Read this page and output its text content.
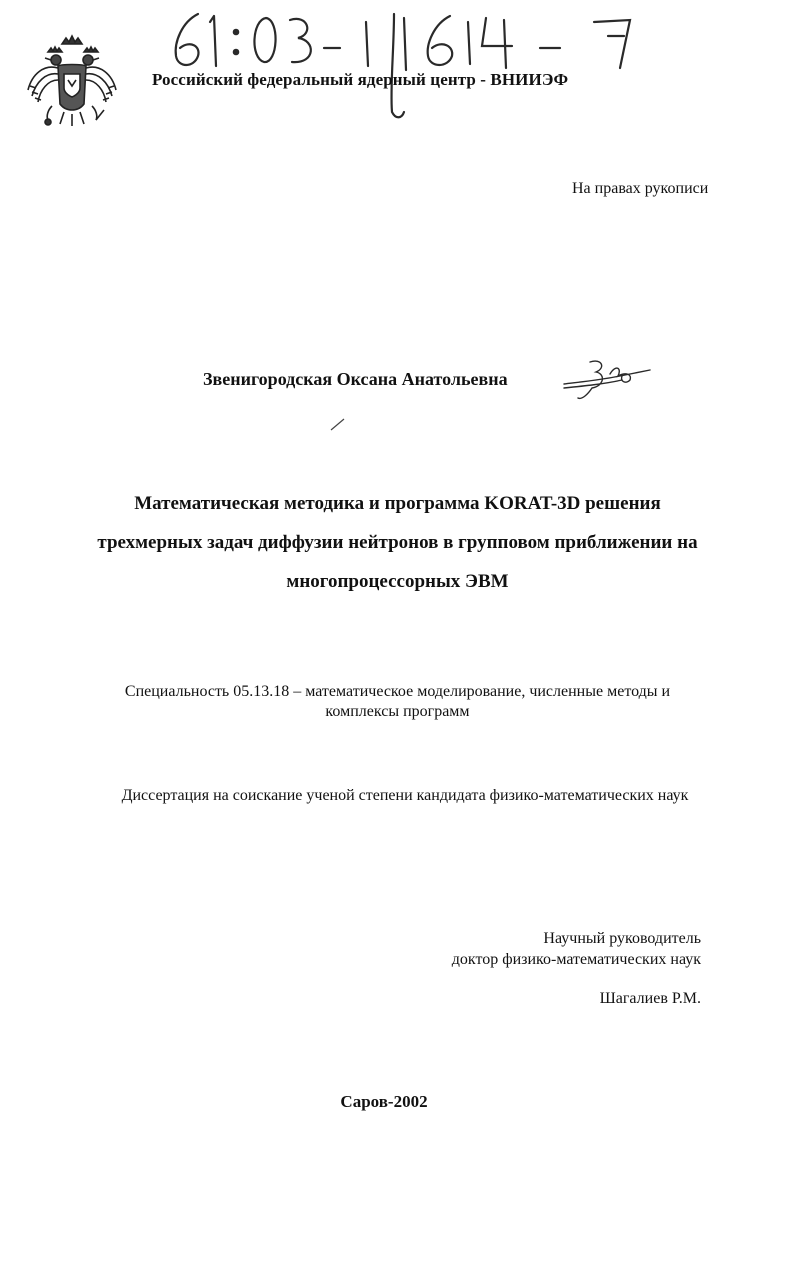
Российский федеральный ядерный центр - ВНИИЭФ
На правах рукописи
Звенигородская Оксана Анатольевна
Математическая методика и программа KORAT-3D решения
трехмерных задач диффузии нейтронов в групповом приближении на
многопроцессорных ЭВМ
Специальность 05.13.18 – математическое моделирование, численные методы и
комплексы программ
Диссертация на соискание ученой степени кандидата физико-математических наук
Научный руководитель
доктор физико-математических наук
Шагалиев Р.М.
Саров-2002
